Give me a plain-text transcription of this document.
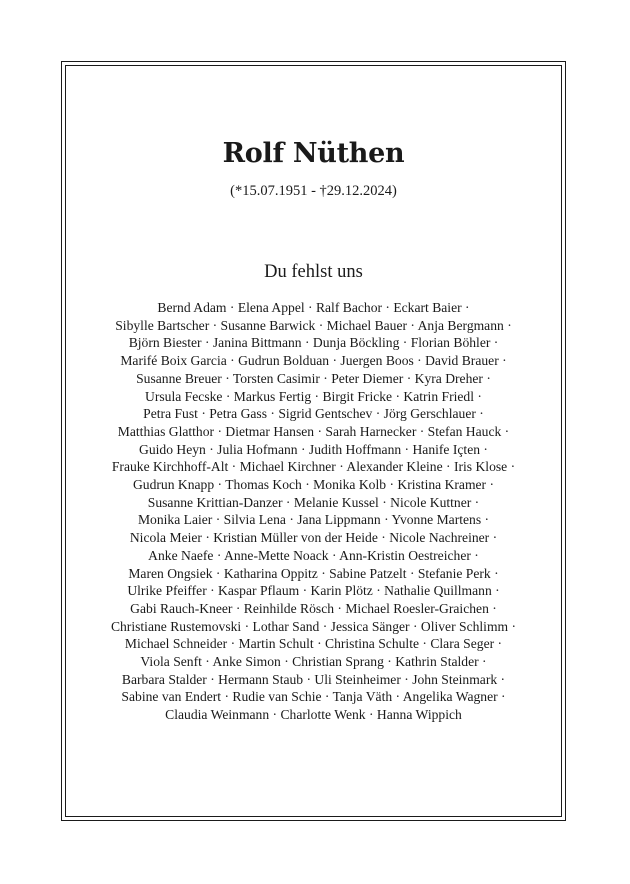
Rolf Nüthen
(*15.07.1951 - †29.12.2024)
Du fehlst uns
Bernd Adam · Elena Appel · Ralf Bachor · Eckart Baier ·
Sibylle Bartscher · Susanne Barwick · Michael Bauer · Anja Bergmann ·
Björn Biester · Janina Bittmann · Dunja Böckling · Florian Böhler ·
Marifé Boix Garcia · Gudrun Bolduan · Juergen Boos · David Brauer ·
Susanne Breuer · Torsten Casimir · Peter Diemer · Kyra Dreher ·
Ursula Fecske · Markus Fertig · Birgit Fricke · Katrin Friedl ·
Petra Fust · Petra Gass · Sigrid Gentschev · Jörg Gerschlauer ·
Matthias Glatthor · Dietmar Hansen · Sarah Harnecker · Stefan Hauck ·
Guido Heyn · Julia Hofmann · Judith Hoffmann · Hanife Içten ·
Frauke Kirchhoff-Alt · Michael Kirchner · Alexander Kleine · Iris Klose ·
Gudrun Knapp · Thomas Koch · Monika Kolb · Kristina Kramer ·
Susanne Krittian-Danzer · Melanie Kussel · Nicole Kuttner ·
Monika Laier · Silvia Lena · Jana Lippmann · Yvonne Martens ·
Nicola Meier · Kristian Müller von der Heide · Nicole Nachreiner ·
Anke Naefe · Anne-Mette Noack · Ann-Kristin Oestreicher ·
Maren Ongsiek · Katharina Oppitz · Sabine Patzelt · Stefanie Perk ·
Ulrike Pfeiffer · Kaspar Pflaum · Karin Plötz · Nathalie Quillmann ·
Gabi Rauch-Kneer · Reinhilde Rösch · Michael Roesler-Graichen ·
Christiane Rustemovski · Lothar Sand · Jessica Sänger · Oliver Schlimm ·
Michael Schneider · Martin Schult · Christina Schulte · Clara Seger ·
Viola Senft · Anke Simon · Christian Sprang · Kathrin Stalder ·
Barbara Stalder · Hermann Staub · Uli Steinheimer · John Steinmark ·
Sabine van Endert · Rudie van Schie · Tanja Väth · Angelika Wagner ·
Claudia Weinmann · Charlotte Wenk · Hanna Wippich
